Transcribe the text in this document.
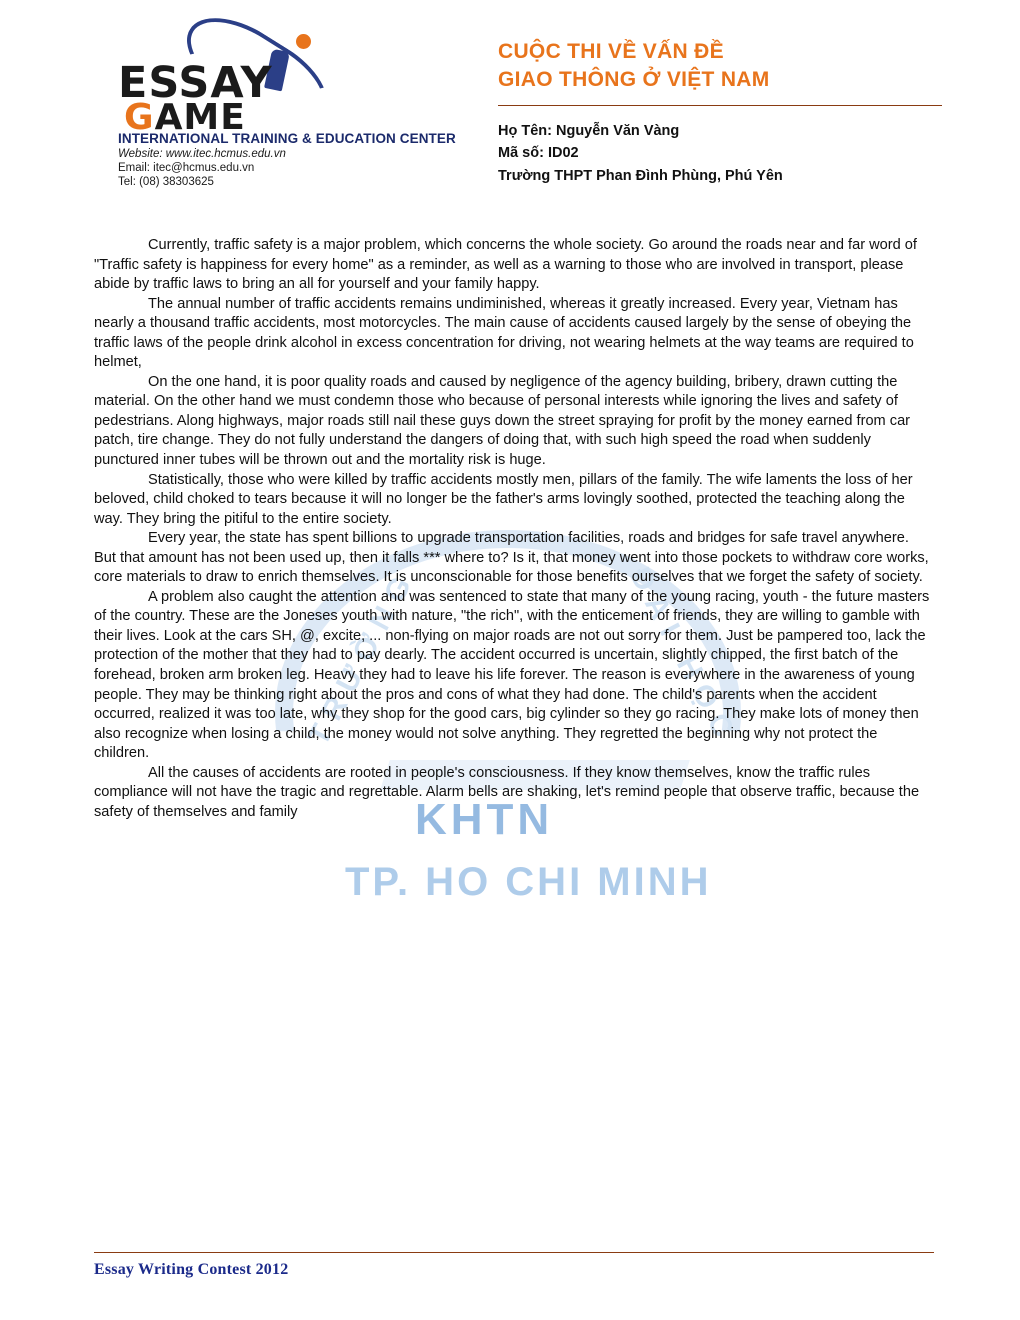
ESSAY
GAME
INTERNATIONAL TRAINING & EDUCATION CENTER
Website: www.itec.hcmus.edu.vn
Email: itec@hcmus.edu.vn
Tel: (08) 38303625
CUỘC THI VỀ VẤN ĐỀ
GIAO THÔNG Ở VIỆT NAM
Họ Tên: Nguyễn Văn Vàng
Mã số: ID02
Trường THPT Phan Đình Phùng, Phú Yên
TRƯỜNG	ĐẠI HỌC
KHTN
TP. HO CHI MINH

Currently, traffic safety is a major problem, which concerns the whole society. Go around the roads near and far word of "Traffic safety is happiness for every home" as a reminder, as well as a warning to those who are involved in transport, please abide by traffic laws to bring an all for yourself and your family happy.

The annual number of traffic accidents remains undiminished, whereas it greatly increased. Every year, Vietnam has nearly a thousand traffic accidents, most motorcycles. The main cause of accidents caused largely by the sense of obeying the traffic laws of the people drink alcohol in excess concentration for driving, not wearing helmets at the way teams are required to helmet,

On the one hand, it is poor quality roads and caused by negligence of the agency building, bribery, drawn cutting the material. On the other hand we must condemn those who because of personal interests while ignoring the lives and safety of pedestrians. Along highways, major roads still nail these guys down the street spraying for profit by the money earned from car patch, tire change. They do not fully understand the dangers of doing that, with such high speed the road when suddenly punctured inner tubes will be thrown out and the mortality risk is huge.

Statistically, those who were killed by traffic accidents mostly men, pillars of the family. The wife laments the loss of her beloved, child choked to tears because it will no longer be the father's arms lovingly soothed, protected the teaching along the way. They bring the pitiful to the entire society.

Every year, the state has spent billions to upgrade transportation facilities, roads and bridges for safe travel anywhere. But that amount has not been used up, then it falls *** where to? Is it, that money went into those pockets to withdraw core works, core materials to draw to enrich themselves. It is unconscionable for those benefits ourselves that we forget the safety of society.

A problem also caught the attention and was sentenced to state that many of the young racing, youth - the future masters of the country. These are the Joneses youth with nature, "the rich", with the enticement of friends, they are willing to gamble with their lives. Look at the cars SH, @, excite, ... non-flying on major roads are not out sorry for them. Just be pampered too, lack the protection of the mother that they had to pay dearly. The accident occurred is uncertain, slightly chipped, the first batch of the forehead, broken arm broken leg. Heavy they had to leave his life forever. The reason is everywhere in the awareness of young people. They may be thinking right about the pros and cons of what they had done. The child's parents when the accident occurred, realized it was too late, why they shop for the good cars, big cylinder so they go racing. They make lots of money then also recognize when losing a child, the money would not solve anything. They regretted the beginning why not protect the children.

All the causes of accidents are rooted in people's consciousness. If they know themselves, know the traffic rules compliance will not have the tragic and regrettable. Alarm bells are shaking, let's remind people that observe traffic, because the safety of themselves and family

Essay Writing Contest 2012
